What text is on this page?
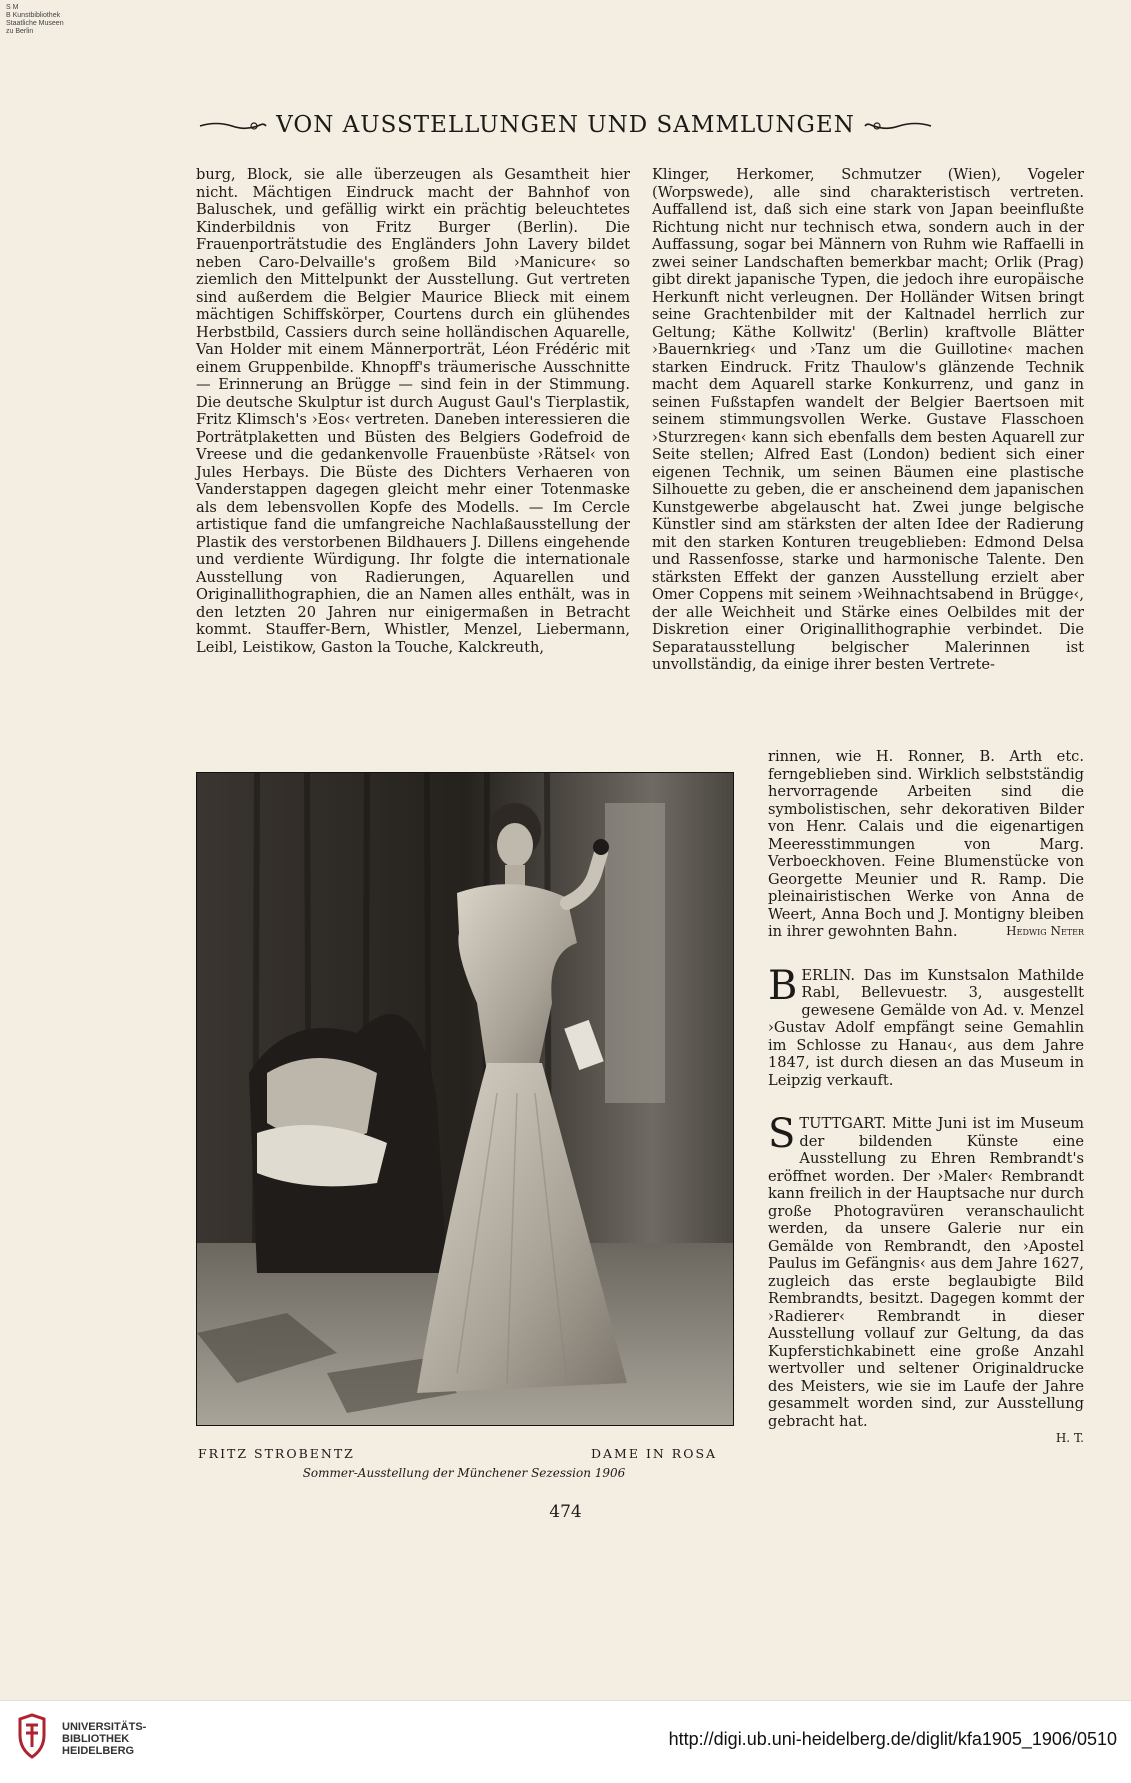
S M
B Kunstbibliothek
Staatliche Museen
zu Berlin
VON AUSSTELLUNGEN UND SAMMLUNGEN

burg, Block, sie alle überzeugen als Gesamtheit hier nicht. Mächtigen Eindruck macht der Bahnhof von Baluschek, und gefällig wirkt ein prächtig beleuchtetes Kinderbildnis von Fritz Burger (Berlin). Die Frauenporträtstudie des Engländers John Lavery bildet neben Caro-Delvaille's großem Bild ›Manicure‹ so ziemlich den Mittelpunkt der Ausstellung. Gut vertreten sind außerdem die Belgier Maurice Blieck mit einem mächtigen Schiffskörper, Courtens durch ein glühendes Herbstbild, Cassiers durch seine holländischen Aquarelle, Van Holder mit einem Männerporträt, Léon Frédéric mit einem Gruppenbilde. Khnopff's träumerische Ausschnitte — Erinnerung an Brügge — sind fein in der Stimmung. Die deutsche Skulptur ist durch August Gaul's Tierplastik, Fritz Klimsch's ›Eos‹ vertreten. Daneben interessieren die Porträtplaketten und Büsten des Belgiers Godefroid de Vreese und die gedankenvolle Frauenbüste ›Rätsel‹ von Jules Herbays. Die Büste des Dichters Verhaeren von Vanderstappen dagegen gleicht mehr einer Totenmaske als dem lebensvollen Kopfe des Modells. — Im Cercle artistique fand die umfangreiche Nachlaßausstellung der Plastik des verstorbenen Bildhauers J. Dillens eingehende und verdiente Würdigung. Ihr folgte die internationale Ausstellung von Radierungen, Aquarellen und Originallithographien, die an Namen alles enthält, was in den letzten 20 Jahren nur einigermaßen in Betracht kommt. Stauffer-Bern, Whistler, Menzel, Liebermann, Leibl, Leistikow, Gaston la Touche, Kalckreuth,

Klinger, Herkomer, Schmutzer (Wien), Vogeler (Worpswede), alle sind charakteristisch vertreten. Auffallend ist, daß sich eine stark von Japan beeinflußte Richtung nicht nur technisch etwa, sondern auch in der Auffassung, sogar bei Männern von Ruhm wie Raffaelli in zwei seiner Landschaften bemerkbar macht; Orlik (Prag) gibt direkt japanische Typen, die jedoch ihre europäische Herkunft nicht verleugnen. Der Holländer Witsen bringt seine Grachtenbilder mit der Kaltnadel herrlich zur Geltung; Käthe Kollwitz' (Berlin) kraftvolle Blätter ›Bauernkrieg‹ und ›Tanz um die Guillotine‹ machen starken Eindruck. Fritz Thaulow's glänzende Technik macht dem Aquarell starke Konkurrenz, und ganz in seinen Fußstapfen wandelt der Belgier Baertsoen mit seinem stimmungsvollen Werke. Gustave Flasschoen ›Sturzregen‹ kann sich ebenfalls dem besten Aquarell zur Seite stellen; Alfred East (London) bedient sich einer eigenen Technik, um seinen Bäumen eine plastische Silhouette zu geben, die er anscheinend dem japanischen Kunstgewerbe abgelauscht hat. Zwei junge belgische Künstler sind am stärksten der alten Idee der Radierung mit den starken Konturen treugeblieben: Edmond Delsa und Rassenfosse, starke und harmonische Talente. Den stärksten Effekt der ganzen Ausstellung erzielt aber Omer Coppens mit seinem ›Weihnachtsabend in Brügge‹, der alle Weichheit und Stärke eines Oelbildes mit der Diskretion einer Originallithographie verbindet. Die Separatausstellung belgischer Malerinnen ist unvollständig, da einige ihrer besten Vertrete-

FRITZ STROBENTZ	DAME IN ROSA
Sommer-Ausstellung der Münchener Sezession 1906

rinnen, wie H. Ronner, B. Arth etc. ferngeblieben sind. Wirklich selbstständig hervorragende Arbeiten sind die symbolistischen, sehr dekorativen Bilder von Henr. Calais und die eigenartigen Meeresstimmungen von Marg. Verboeckhoven. Feine Blumenstücke von Georgette Meunier und R. Ramp. Die pleinairistischen Werke von Anna de Weert, Anna Boch und J. Montigny bleiben in ihrer gewohnten Bahn.	Hedwig Neter

B ERLIN. Das im Kunstsalon Mathilde Rabl, Bellevuestr. 3, ausgestellt gewesene Gemälde von Ad. v. Menzel ›Gustav Adolf empfängt seine Gemahlin im Schlosse zu Hanau‹, aus dem Jahre 1847, ist durch diesen an das Museum in Leipzig verkauft.

S TUTTGART. Mitte Juni ist im Museum der bildenden Künste eine Ausstellung zu Ehren Rembrandt's eröffnet worden. Der ›Maler‹ Rembrandt kann freilich in der Hauptsache nur durch große Photogravüren veranschaulicht werden, da unsere Galerie nur ein Gemälde von Rembrandt, den ›Apostel Paulus im Gefängnis‹ aus dem Jahre 1627, zugleich das erste beglaubigte Bild Rembrandts, besitzt. Dagegen kommt der ›Radierer‹ Rembrandt in dieser Ausstellung vollauf zur Geltung, da das Kupferstichkabinett eine große Anzahl wertvoller und seltener Originaldrucke des Meisters, wie sie im Laufe der Jahre gesammelt worden sind, zur Ausstellung gebracht hat.

H. T.
474
UNIVERSITÄTS-
BIBLIOTHEK
HEIDELBERG
http://digi.ub.uni-heidelberg.de/diglit/kfa1905_1906/0510
